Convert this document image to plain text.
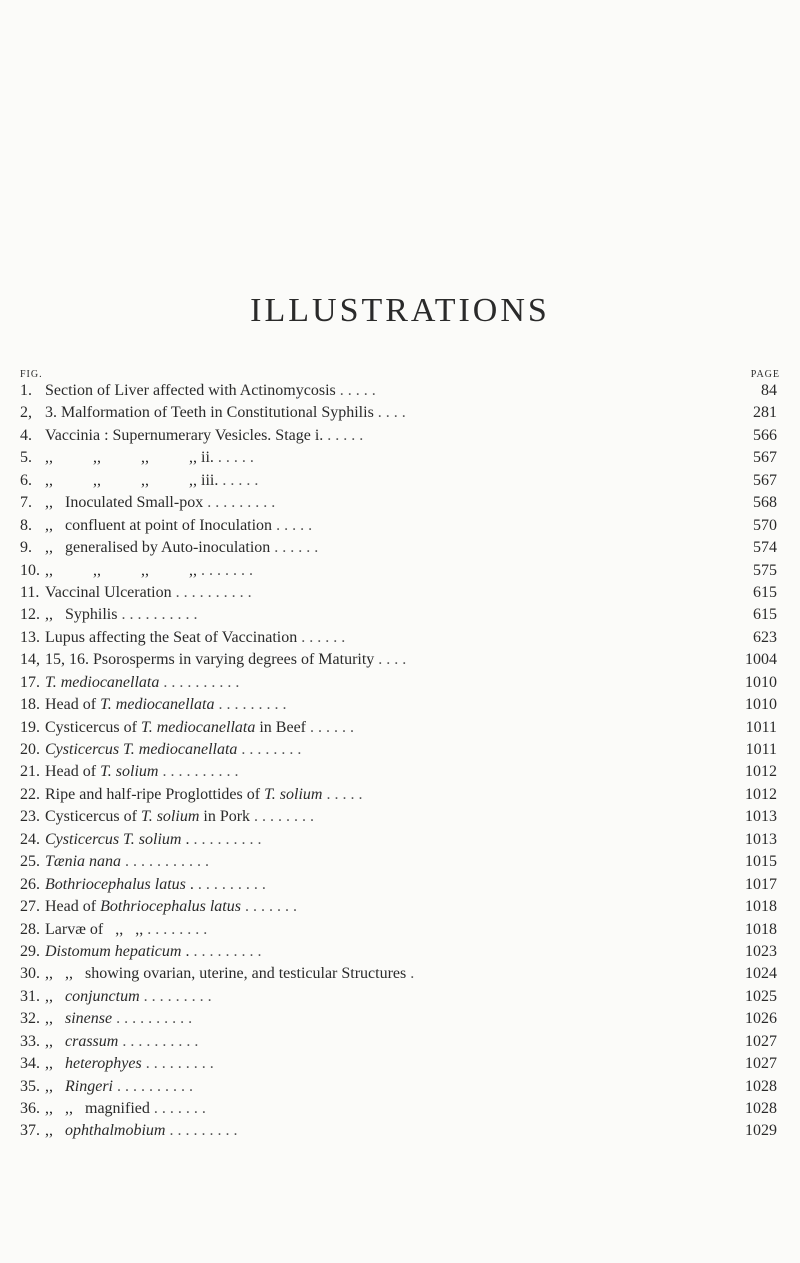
ILLUSTRATIONS
FIG.	PAGE
1. Section of Liver affected with Actinomycosis . . . . .	84
2, 3. Malformation of Teeth in Constitutional Syphilis . . . .	281
4. Vaccinia : Supernumerary Vesicles. Stage i. . . . . .	566
5. ,,          ,,          ,,          ,, ii. . . . . .	567
6. ,,          ,,          ,,          ,, iii. . . . . .	567
7. ,,   Inoculated Small-pox . . . . . . . . .	568
8. ,,   confluent at point of Inoculation . . . . .	570
9. ,,   generalised by Auto-inoculation . . . . . .	574
10. ,,          ,,          ,,          ,, . . . . . . .	575
11. Vaccinal Ulceration . . . . . . . . . .	615
12. ,,   Syphilis . . . . . . . . . .	615
13. Lupus affecting the Seat of Vaccination . . . . . .	623
14, 15, 16. Psorosperms in varying degrees of Maturity . . . .	1004
17. T. mediocanellata . . . . . . . . . .	1010
18. Head of T. mediocanellata . . . . . . . . .	1010
19. Cysticercus of T. mediocanellata in Beef . . . . . .	1011
20. Cysticercus T. mediocanellata . . . . . . . .	1011
21. Head of T. solium . . . . . . . . . .	1012
22. Ripe and half-ripe Proglottides of T. solium . . . . .	1012
23. Cysticercus of T. solium in Pork . . . . . . . .	1013
24. Cysticercus T. solium . . . . . . . . . .	1013
25. Tænia nana . . . . . . . . . . .	1015
26. Bothriocephalus latus . . . . . . . . . .	1017
27. Head of Bothriocephalus latus . . . . . . .	1018
28. Larvæ of   ,,   ,, . . . . . . . .	1018
29. Distomum hepaticum . . . . . . . . . .	1023
30. ,,   ,,   showing ovarian, uterine, and testicular Structures .	1024
31. ,,   conjunctum . . . . . . . . .	1025
32. ,,   sinense . . . . . . . . . .	1026
33. ,,   crassum . . . . . . . . . .	1027
34. ,,   heterophyes . . . . . . . . .	1027
35. ,,   Ringeri . . . . . . . . . .	1028
36. ,,   ,,   magnified . . . . . . .	1028
37. ,,   ophthalmobium . . . . . . . . .	1029
